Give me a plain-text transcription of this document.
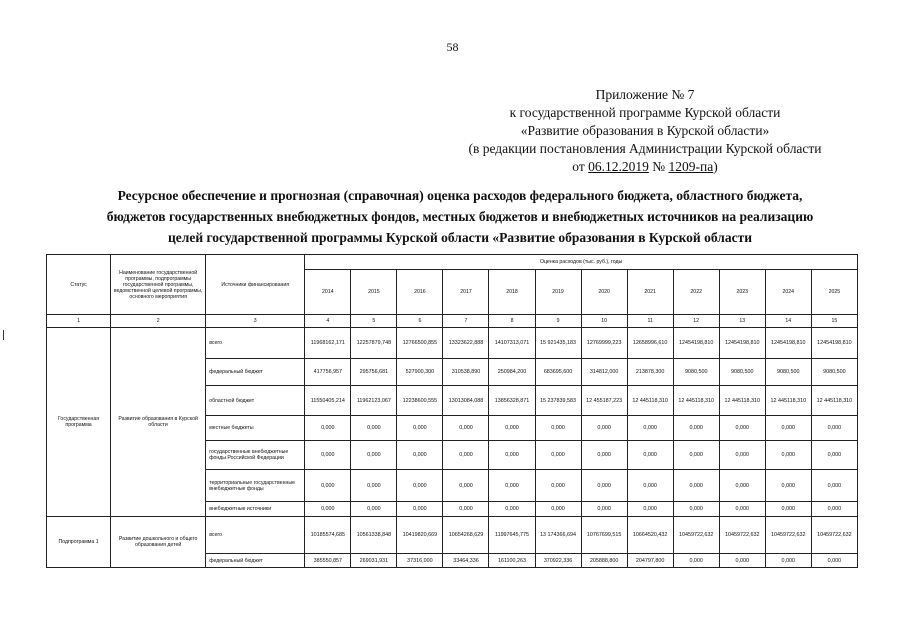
58
Приложение № 7
к государственной программе Курской области
«Развитие образования в Курской области»
(в редакции постановления Администрации Курской области
от 06.12.2019 № 1209-па)
Ресурсное обеспечение и прогнозная (справочная) оценка расходов федерального бюджета, областного бюджета,
бюджетов государственных внебюджетных фондов, местных бюджетов и внебюджетных источников на реализацию
целей государственной программы Курской области «Развитие образования в Курской области
Статус	Наименование государственной программы, подпрограммы государственной программы, ведомственной целевой программы, основного мероприятия	Источники финансирования	Оценка расходов (тыс. руб.), годы											
			2014	2015	2016	2017	2018	2019	2020	2021	2022	2023	2024	2025
1	2	3	4	5	6	7	8	9	10	11	12	13	14	15
Государственная программа	Развитие образования в Курской области	всего	11968162,171	12257879,748	12766500,855	13323622,888	14107313,071	15 921435,183	12769999,223	12658996,610	12454198,810	12454198,810	12454198,810	12454198,810
		федеральный бюджет	417756,957	295756,681	527900,300	310538,890	250984,200	683695,600	314812,000	213878,300	9080,500	9080,500	9080,500	9080,500
		областной бюджет	11550405,214	11962123,067	12238600,555	13013084,088	13856328,871	15 237839,583	12 455187,223	12 445118,310	12 445118,310	12 445118,310	12 445118,310	12 445118,310
		местные бюджеты	0,000	0,000	0,000	0,000	0,000	0,000	0,000	0,000	0,000	0,000	0,000	0,000
		государственные внебюджетные фонды Российской Федерации	0,000	0,000	0,000	0,000	0,000	0,000	0,000	0,000	0,000	0,000	0,000	0,000
		территориальные государственные внебюджетные фонды	0,000	0,000	0,000	0,000	0,000	0,000	0,000	0,000	0,000	0,000	0,000	0,000
		внебюджетные источники	0,000	0,000	0,000	0,000	0,000	0,000	0,000	0,000	0,000	0,000	0,000	0,000
Подпрограмма 1	Развитие дошкольного и общего образования детей	всего	10185574,685	10561338,848	10419820,669	10654268,629	11997645,775	13 174366,694	10767699,515	10664520,432	10459722,632	10459722,632	10459722,632	10459722,632
		федеральный бюджет	385550,857	269031,931	37316,000	33464,336	161100,263	370922,336	205888,800	204797,800	0,000	0,000	0,000	0,000
